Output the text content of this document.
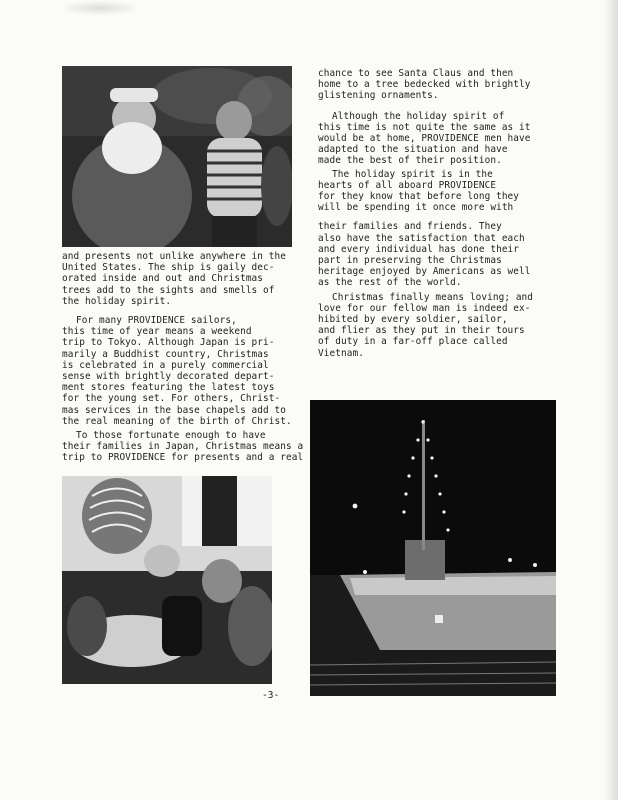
and presents not unlike anywhere in the
United States. The ship is gaily dec-
orated inside and out and Christmas
trees add to the sights and smells of
the holiday spirit.

For many PROVIDENCE sailors,
this time of year means a weekend
trip to Tokyo. Although Japan is pri-
marily a Buddhist country, Christmas
is celebrated in a purely commercial
sense with brightly decorated depart-
ment stores featuring the latest toys
for the young set. For others, Christ-
mas services in the base chapels add to
the real meaning of the birth of Christ.

To those fortunate enough to have
their families in Japan, Christmas means a
trip to PROVIDENCE for presents and a real

chance to see Santa Claus and then
home to a tree bedecked with brightly
glistening ornaments.

Although the holiday spirit of
this time is not quite the same as it
would be at home, PROVIDENCE men have
adapted to the situation and have
made the best of their position.

The holiday spirit is in the
hearts of all aboard PROVIDENCE
for they know that before long they
will be spending it once more with

their families and friends. They
also have the satisfaction that each
and every individual has done their
part in preserving the Christmas
heritage enjoyed by Americans as well
as the rest of the world.

Christmas finally means loving; and
love for our fellow man is indeed ex-
hibited by every soldier, sailor,
and flier as they put in their tours
of duty in a far-off place called
Vietnam.

-3-
